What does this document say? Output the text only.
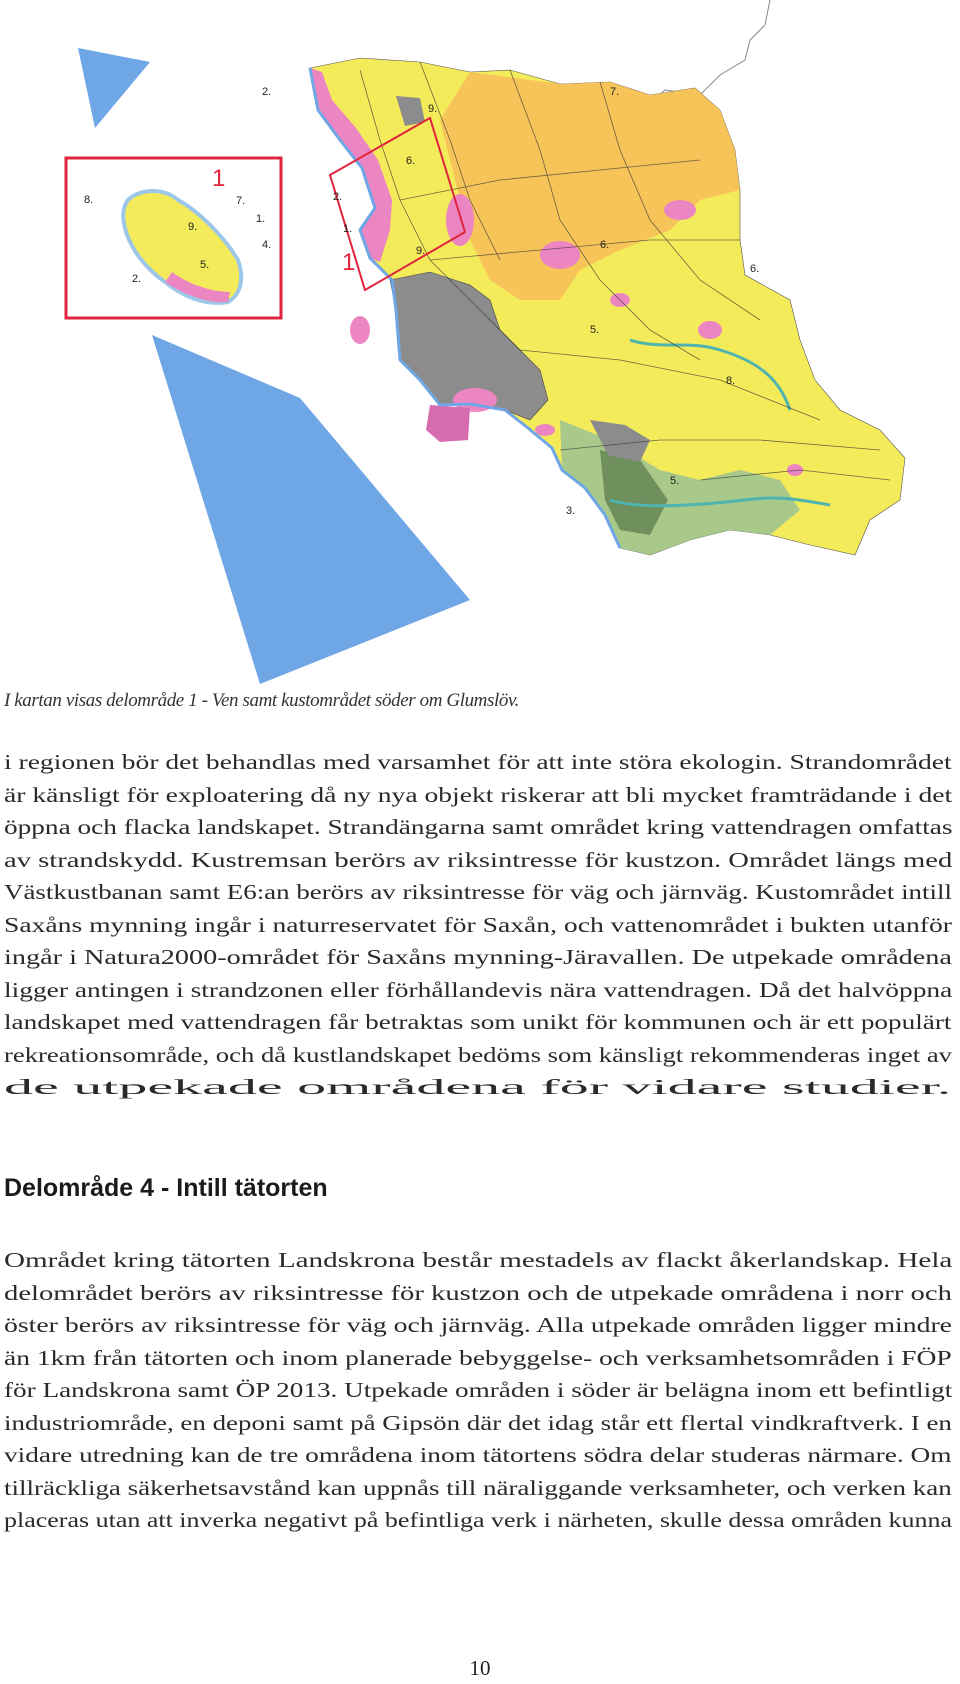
1
8.	7.
1.
9.
4.
5.
2.
1
2.	7.
9.
6.
2.
1.
9.
5.
6.
6.
5.
8.
3.
I kartan visas delområde 1 - Ven samt kustområdet söder om Glumslöv.

i regionen bör det behandlas med varsamhet för att inte störa ekologin. Strandområdet är känsligt för exploatering då ny nya objekt riskerar att bli mycket framträdande i det öppna och flacka landskapet. Strandängarna samt området kring vattendragen omfattas av strandskydd. Kustremsan berörs av riksintresse för kustzon. Området längs med Västkustbanan samt E6:an berörs av riksintresse för väg och järnväg. Kustområdet intill Saxåns mynning ingår i naturreservatet för Saxån, och vattenområdet i bukten utanför ingår i Natura2000-området för Saxåns mynning-Järavallen. De utpekade områdena ligger antingen i strandzonen eller förhållandevis nära vattendragen. Då det halvöppna landskapet med vattendragen får betraktas som unikt för kommunen och är ett populärt rekreationsområde, och då kustlandskapet bedöms som känsligt rekommenderas inget av de utpekade områdena för vidare studier.

Delområde 4 - Intill tätorten

Området kring tätorten Landskrona består mestadels av flackt åkerlandskap. Hela delområdet berörs av riksintresse för kustzon och de utpekade områdena i norr och öster berörs av riksintresse för väg och järnväg. Alla utpekade områden ligger mindre än 1km från tätorten och inom planerade bebyggelse- och verksamhetsområden i FÖP för Landskrona samt ÖP 2013. Utpekade områden i söder är belägna inom ett befintligt industriområde, en deponi samt på Gipsön där det idag står ett flertal vindkraftverk. I en vidare utredning kan de tre områdena inom tätortens södra delar studeras närmare. Om tillräckliga säkerhetsavstånd kan uppnås till näraliggande verksamheter, och verken kan placeras utan att inverka negativt på befintliga verk i närheten, skulle dessa områden kunna

10
